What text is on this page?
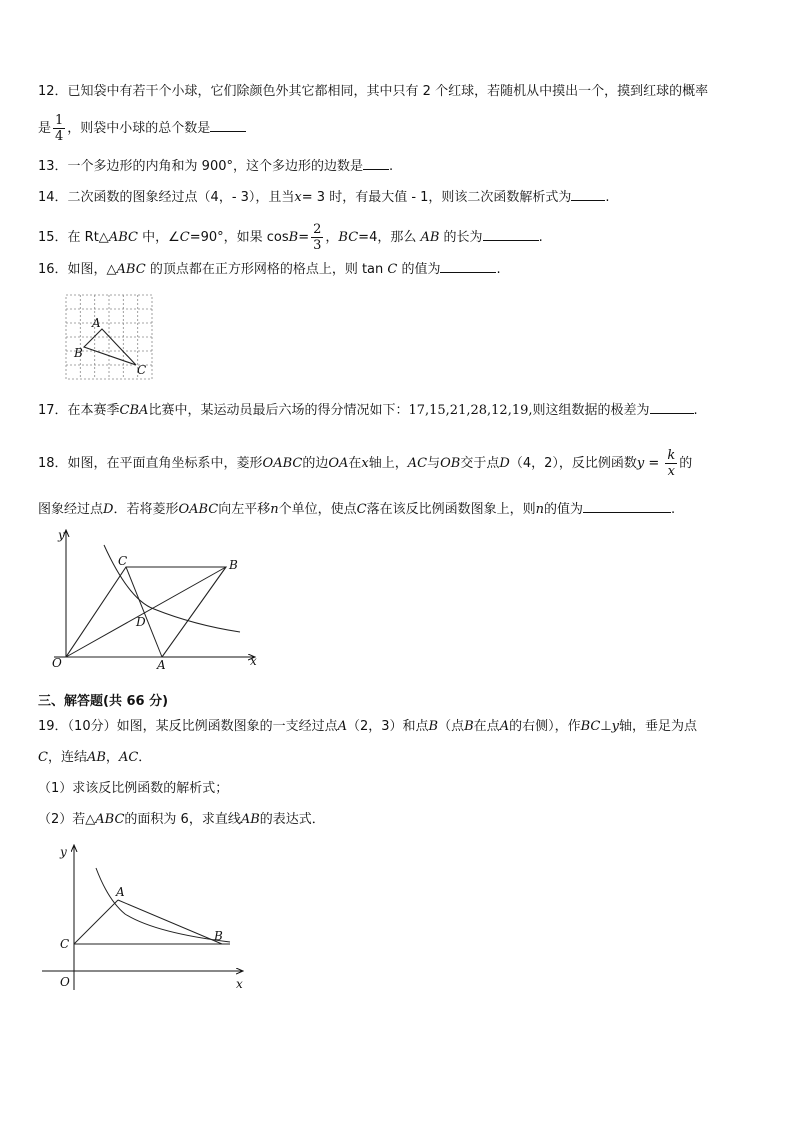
12．已知袋中有若干个小球，它们除颜色外其它都相同，其中只有 2 个红球，若随机从中摸出一个，摸到红球的概率
是 $\frac{1}{4}$ ，则袋中小球的总个数是
13．一个多边形的内角和为 900°，这个多边形的边数是 .
14．二次函数的图象经过点（4，- 3），且当x= 3 时，有最大值 - 1，则该二次函数解析式为	.
15．在 Rt△ABC 中，∠C=90°，如果 $\cos B= \frac{2}{3}$ ，BC=4，那么 AB 的长为	.
16．如图，△ABC 的顶点都在正方形网格的格点上，则 tan C 的值为	.
A
B
C
17．在本赛季CBA比赛中，某运动员最后六场的得分情况如下：17,15,21,28,12,19,则这组数据的极差为	.
18．如图，在平面直角坐标系中，菱形OABC的边OA在x轴上，AC与OB交于点D（4，2），反比例函数$y = \frac{k}{x}$ 的
图象经过点D．若将菱形OABC向左平移n个单位，使点C落在该反比例函数图象上，则n的值为	.
y
x
O	A
B
C
D
三、解答题(共 66 分)
19．（10分）如图，某反比例函数图象的一支经过点A（2，3）和点B（点B在点A的右侧），作BC⊥y轴，垂足为点
C，连结AB，AC．
（1）求该反比例函数的解析式；
（2）若△ABC的面积为 6，求直线AB的表达式．
y
x
O
A
B
C
